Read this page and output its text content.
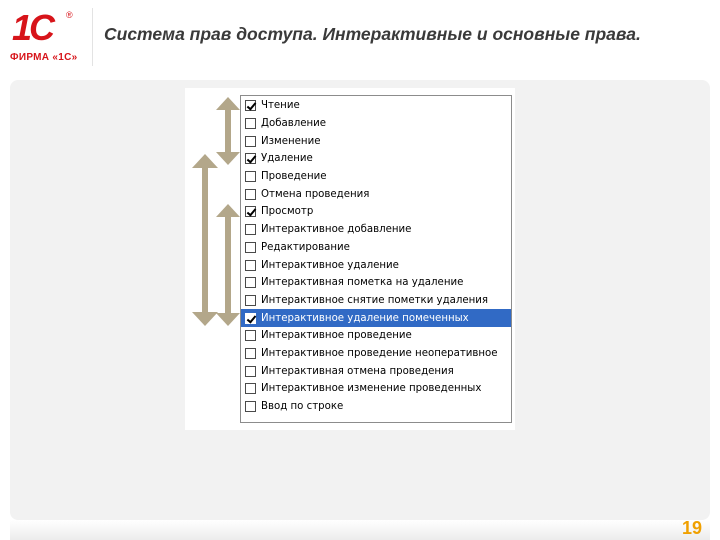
1С ®
ФИРМА «1С»
Система прав доступа. Интерактивные и основные права.
19
Чтение
Добавление
Изменение
Удаление
Проведение
Отмена проведения
Просмотр
Интерактивное добавление
Редактирование
Интерактивное удаление
Интерактивная пометка на удаление
Интерактивное снятие пометки удаления
Интерактивное удаление помеченных
Интерактивное проведение
Интерактивное проведение неоперативное
Интерактивная отмена проведения
Интерактивное изменение проведенных
Ввод по строке
